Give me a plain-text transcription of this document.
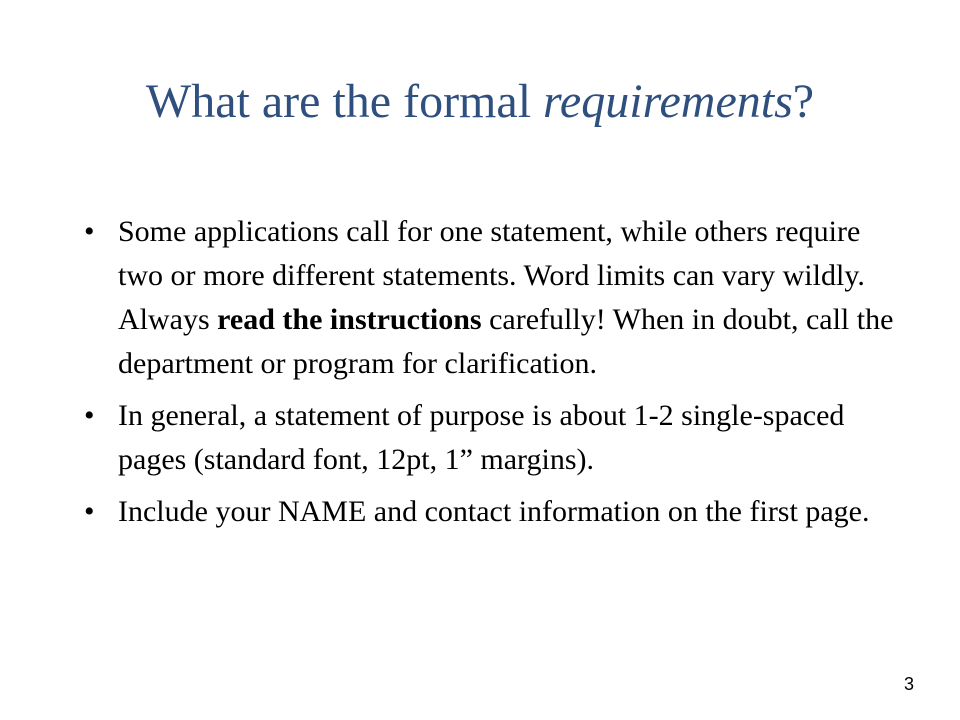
What are the formal requirements?
• Some applications call for one statement, while others require two or more different statements. Word limits can vary wildly. Always read the instructions carefully! When in doubt, call the department or program for clarification.
• In general, a statement of purpose is about 1-2 single-spaced pages (standard font, 12pt, 1” margins).
• Include your NAME and contact information on the first page.
3
